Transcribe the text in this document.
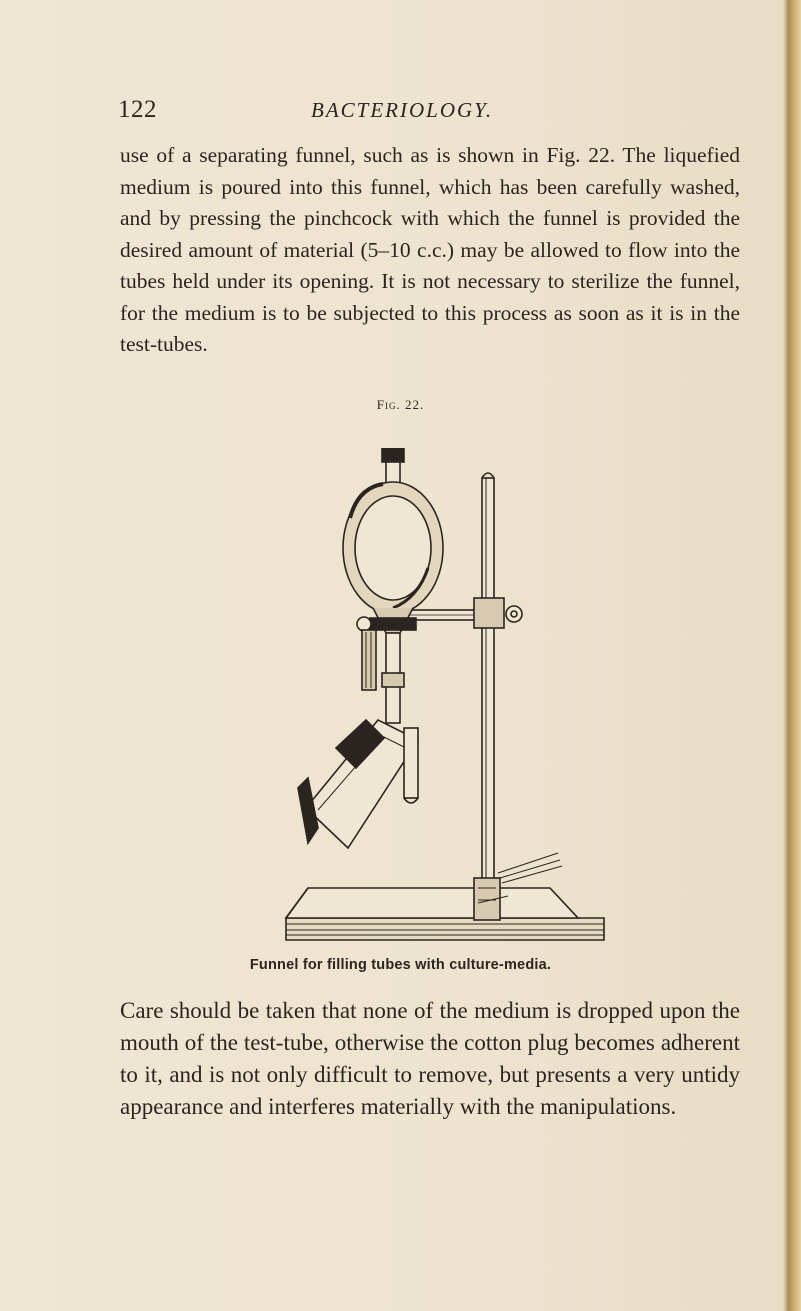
122	BACTERIOLOGY.

use of a separating funnel, such as is shown in Fig. 22. The liquefied medium is poured into this funnel, which has been carefully washed, and by pressing the pinchcock with which the funnel is provided the desired amount of material (5–10 c.c.) may be allowed to flow into the tubes held under its opening. It is not necessary to sterilize the funnel, for the medium is to be subjected to this process as soon as it is in the test-tubes.

Fig. 22.
Funnel for filling tubes with culture-media.

Care should be taken that none of the medium is dropped upon the mouth of the test-tube, otherwise the cotton plug becomes adherent to it, and is not only difficult to remove, but presents a very untidy appearance and interferes materially with the manipulations.
